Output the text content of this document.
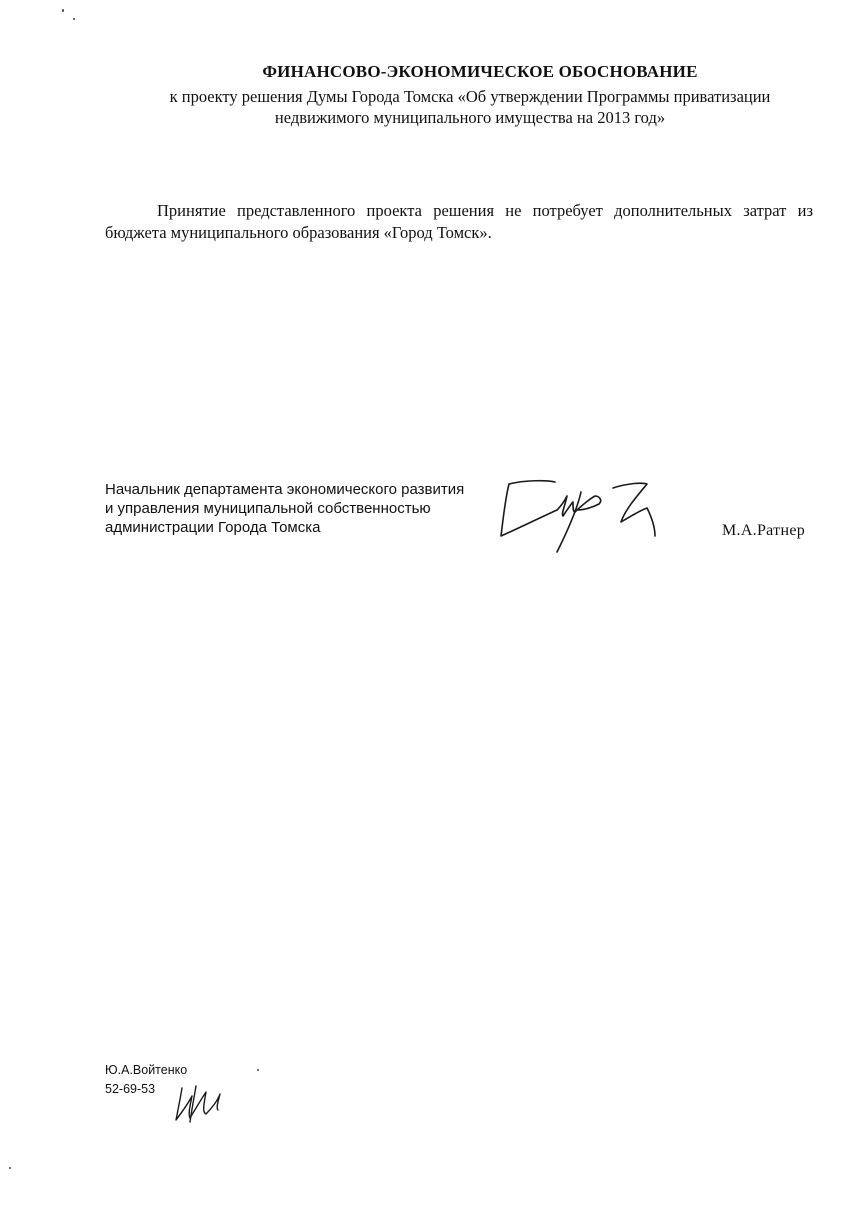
ФИНАНСОВО-ЭКОНОМИЧЕСКОЕ ОБОСНОВАНИЕ
к проекту решения Думы Города Томска «Об утверждении Программы приватизации
недвижимого муниципального имущества на 2013 год»

Принятие представленного проекта решения не потребует дополнительных затрат из бюджета муниципального образования «Город Томск».

Начальник департамента экономического развития
и управления муниципальной собственностью
администрации Города Томска	М.А.Ратнер
Ю.А.Войтенко
52-69-53
